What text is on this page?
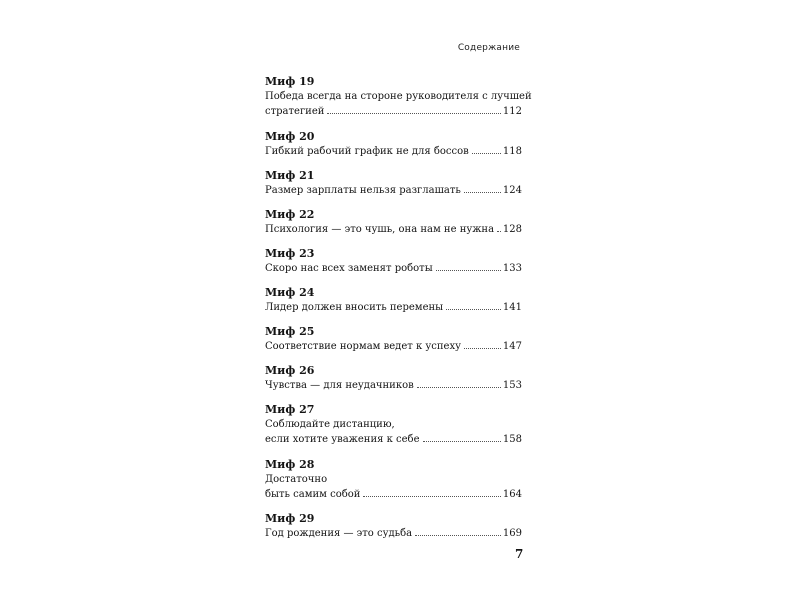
Содержание
Миф 19
Победа всегда на стороне руководителя с лучшей
стратегией	112
Миф 20
Гибкий рабочий график не для боссов	118
Миф 21
Размер зарплаты нельзя разглашать	124
Миф 22
Психология — это чушь, она нам не нужна 128
Миф 23
Скоро нас всех заменят роботы	133
Миф 24
Лидер должен вносить перемены	141
Миф 25
Соответствие нормам ведет к успеху	147
Миф 26
Чувства — для неудачников	153
Миф 27
Соблюдайте дистанцию,
если хотите уважения к себе	158
Миф 28
Достаточно
быть самим собой	164
Миф 29
Год рождения — это судьба	169
7
